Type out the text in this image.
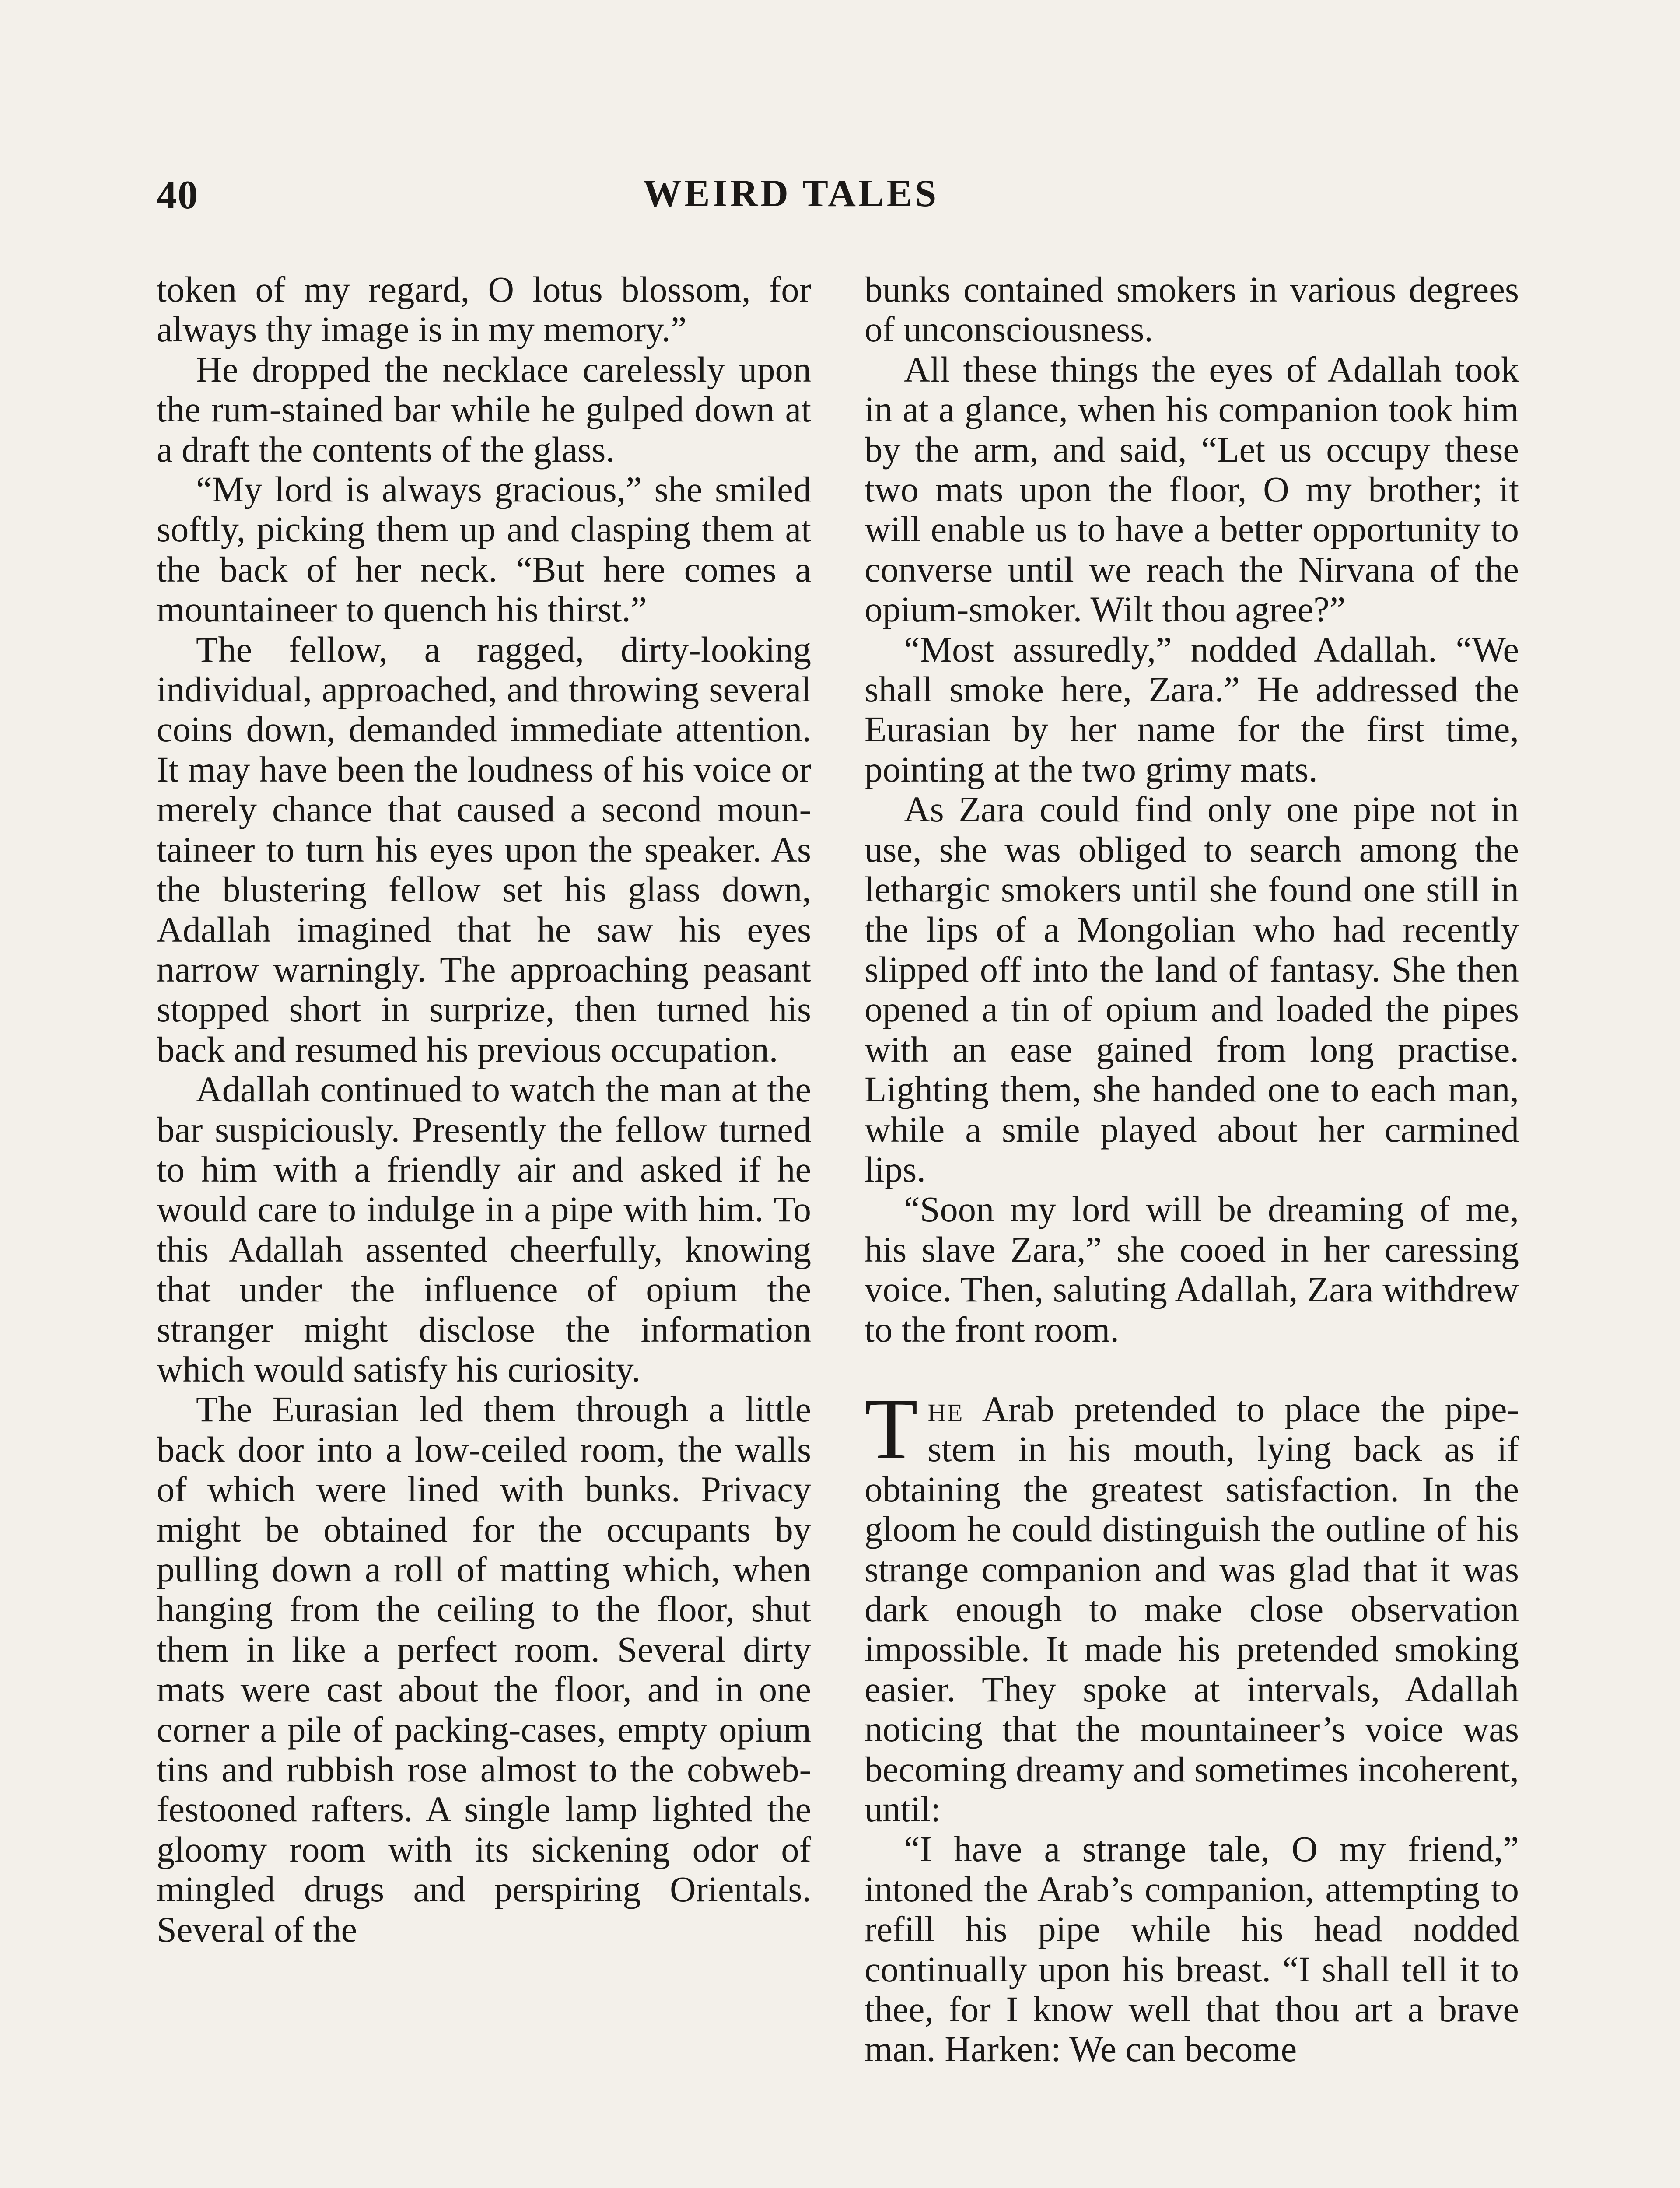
40	WEIRD TALES

token of my regard, O lotus blossom, for always thy image is in my memory.”

He dropped the necklace carelessly upon the rum-stained bar while he gulped down at a draft the contents of the glass.

“My lord is always gracious,” she smiled softly, picking them up and clasping them at the back of her neck. “But here comes a mountaineer to quench his thirst.”

The fellow, a ragged, dirty-looking individual, approached, and throwing several coins down, demanded immediate attention. It may have been the loudness of his voice or merely chance that caused a second mountaineer to turn his eyes upon the speaker. As the blustering fellow set his glass down, Adallah imagined that he saw his eyes narrow warningly. The approaching peasant stopped short in surprize, then turned his back and resumed his previous occupation.

Adallah continued to watch the man at the bar suspiciously. Presently the fellow turned to him with a friendly air and asked if he would care to indulge in a pipe with him. To this Adallah assented cheerfully, knowing that under the influence of opium the stranger might disclose the information which would satisfy his curiosity.

The Eurasian led them through a little back door into a low-ceiled room, the walls of which were lined with bunks. Privacy might be obtained for the occupants by pulling down a roll of matting which, when hanging from the ceiling to the floor, shut them in like a perfect room. Several dirty mats were cast about the floor, and in one corner a pile of packing-cases, empty opium tins and rubbish rose almost to the cobweb-festooned rafters. A single lamp lighted the gloomy room with its sickening odor of mingled drugs and perspiring Orientals. Several of the

bunks contained smokers in various degrees of unconsciousness.

All these things the eyes of Adallah took in at a glance, when his companion took him by the arm, and said, “Let us occupy these two mats upon the floor, O my brother; it will enable us to have a better opportunity to converse until we reach the Nirvana of the opium-smoker. Wilt thou agree?”

“Most assuredly,” nodded Adallah. “We shall smoke here, Zara.” He addressed the Eurasian by her name for the first time, pointing at the two grimy mats.

As Zara could find only one pipe not in use, she was obliged to search among the lethargic smokers until she found one still in the lips of a Mongolian who had recently slipped off into the land of fantasy. She then opened a tin of opium and loaded the pipes with an ease gained from long practise. Lighting them, she handed one to each man, while a smile played about her carmined lips.

“Soon my lord will be dreaming of me, his slave Zara,” she cooed in her caressing voice. Then, saluting Adallah, Zara withdrew to the front room.

The Arab pretended to place the pipe-stem in his mouth, lying back as if obtaining the greatest satisfaction. In the gloom he could distinguish the outline of his strange companion and was glad that it was dark enough to make close observation impossible. It made his pretended smoking easier. They spoke at intervals, Adallah noticing that the mountaineer’s voice was becoming dreamy and sometimes incoherent, until:

“I have a strange tale, O my friend,” intoned the Arab’s companion, attempting to refill his pipe while his head nodded continually upon his breast. “I shall tell it to thee, for I know well that thou art a brave man. Harken: We can become
